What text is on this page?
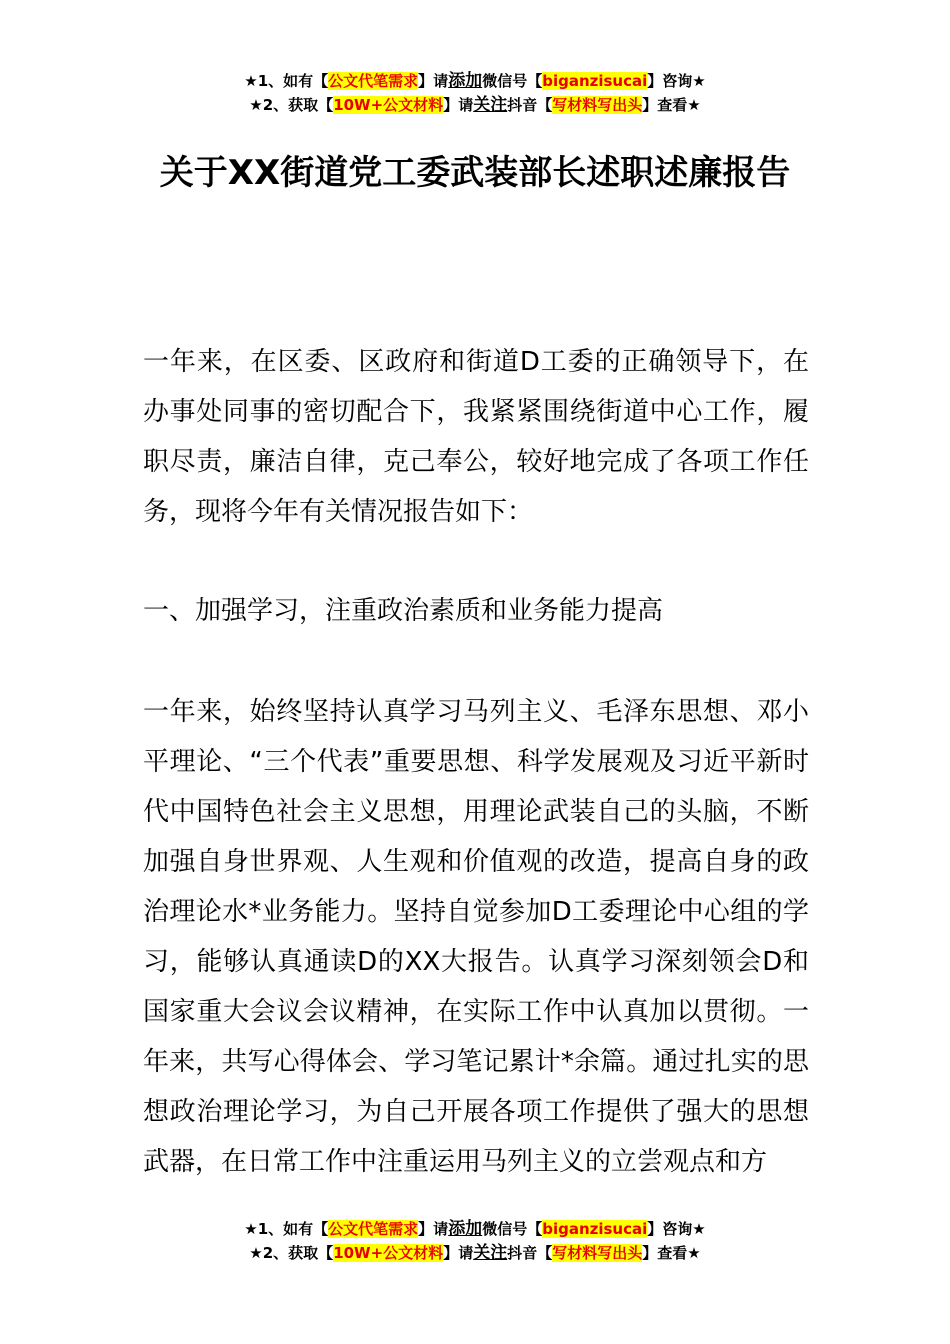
★1、如有【公文代笔需求】请添加微信号【biganzisucai】咨询★
★2、获取【10W+公文材料】请关注抖音【写材料写出头】查看★
关于XX街道党工委武装部长述职述廉报告

一年来，在区委、区政府和街道D工委的正确领导下，在办事处同事的密切配合下，我紧紧围绕街道中心工作，履职尽责，廉洁自律，克己奉公，较好地完成了各项工作任务，现将今年有关情况报告如下：

一、加强学习，注重政治素质和业务能力提高

一年来，始终坚持认真学习马列主义、毛泽东思想、邓小平理论、“三个代表”重要思想、科学发展观及习近平新时代中国特色社会主义思想，用理论武装自己的头脑，不断加强自身世界观、人生观和价值观的改造，提高自身的政治理论水*业务能力。坚持自觉参加D工委理论中心组的学习，能够认真通读D的XX大报告。认真学习深刻领会D和国家重大会议会议精神，在实际工作中认真加以贯彻。一年来，共写心得体会、学习笔记累计*余篇。通过扎实的思想政治理论学习，为自己开展各项工作提供了强大的思想武器，在日常工作中注重运用马列主义的立尝观点和方

★1、如有【公文代笔需求】请添加微信号【biganzisucai】咨询★
★2、获取【10W+公文材料】请关注抖音【写材料写出头】查看★
